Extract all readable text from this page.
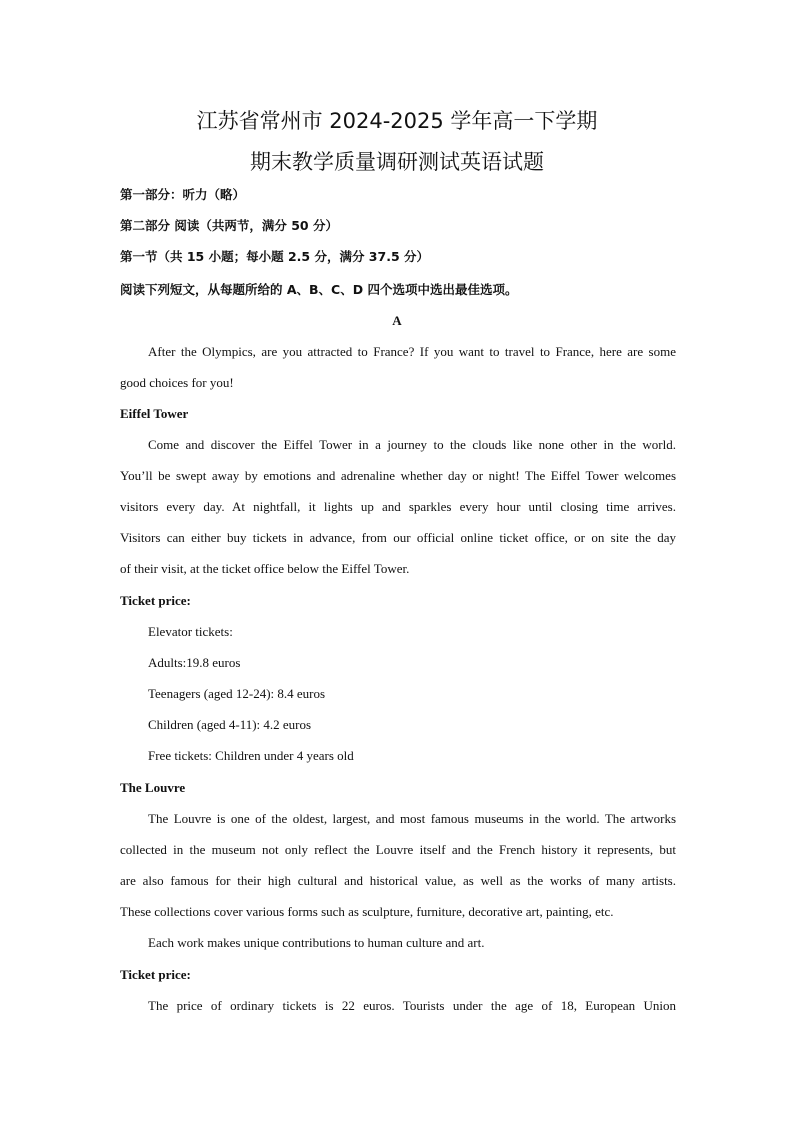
江苏省常州市 2024-2025 学年高一下学期
期末教学质量调研测试英语试题
第一部分：听力（略）
第二部分 阅读（共两节，满分 50 分）
第一节（共 15 小题；每小题 2.5 分，满分 37.5 分）
阅读下列短文，从每题所给的 A、B、C、D 四个选项中选出最佳选项。
A
After the Olympics, are you attracted to France? If you want to travel to France, here are some
good choices for you!
Eiffel Tower
Come and discover the Eiffel Tower in a journey to the clouds like none other in the world.
You’ll be swept away by emotions and adrenaline whether day or night! The Eiffel Tower welcomes
visitors every day. At nightfall, it lights up and sparkles every hour until closing time arrives.
Visitors can either buy tickets in advance, from our official online ticket office, or on site the day
of their visit, at the ticket office below the Eiffel Tower.
Ticket price:
Elevator tickets:
Adults:19.8 euros
Teenagers (aged 12-24): 8.4 euros
Children (aged 4-11): 4.2 euros
Free tickets: Children under 4 years old
The Louvre
The Louvre is one of the oldest, largest, and most famous museums in the world. The artworks
collected in the museum not only reflect the Louvre itself and the French history it represents, but
are also famous for their high cultural and historical value, as well as the works of many artists.
These collections cover various forms such as sculpture, furniture, decorative art, painting, etc.
Each work makes unique contributions to human culture and art.
Ticket price:
The price of ordinary tickets is 22 euros. Tourists under the age of 18, European Union
